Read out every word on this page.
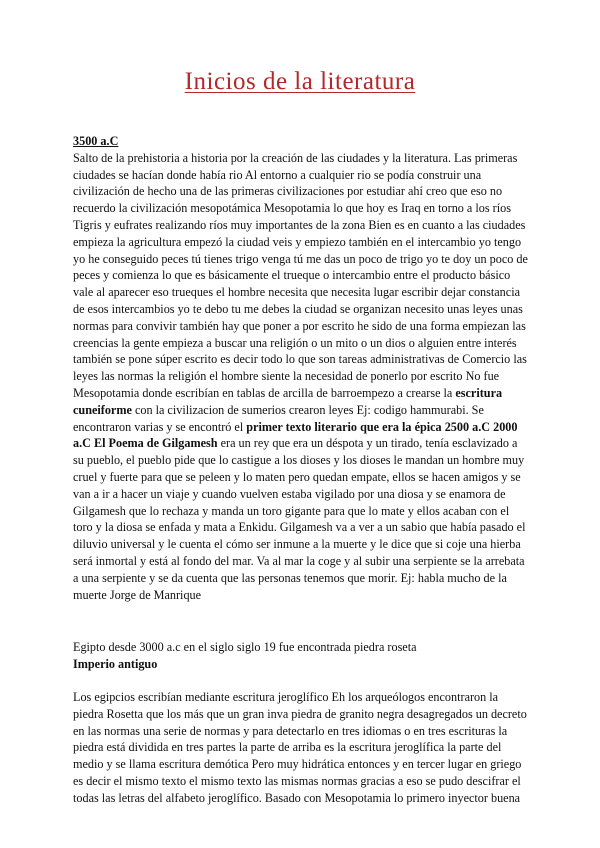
Inicios de la literatura

3500 a.C

Salto de la prehistoria a historia por la creación de las ciudades y la literatura. Las primeras ciudades se hacían donde había rio Al entorno a cualquier rio se podía construir una civilización de hecho una de las primeras civilizaciones por estudiar ahí creo que eso no recuerdo la civilización mesopotámica Mesopotamia lo que hoy es Iraq en torno a los ríos Tigris y eufrates realizando ríos muy importantes de la zona Bien es en cuanto a las ciudades empieza la agricultura empezó la ciudad veis y empiezo también en el intercambio yo tengo yo he conseguido peces tú tienes trigo venga tú me das un poco de trigo yo te doy un poco de peces y comienza lo que es básicamente el trueque o intercambio entre el producto básico vale al aparecer eso trueques el hombre necesita que necesita lugar escribir dejar constancia de esos intercambios yo te debo tu me debes la ciudad se organizan necesito unas leyes unas normas para convivir también hay que poner a por escrito he sido de una forma empiezan las creencias la gente empieza a buscar una religión o un mito o un dios o alguien entre interés también se pone súper escrito es decir todo lo que son tareas administrativas de Comercio las leyes las normas la religión el hombre siente la necesidad de ponerlo por escrito No fue Mesopotamia donde escribían en tablas de arcilla de barroempezo a crearse la escritura cuneiforme con la civilizacion de sumerios crearon leyes Ej: codigo hammurabi. Se encontraron varias y se encontró el primer texto literario que era la épica 2500 a.C 2000 a.C El Poema de Gilgamesh era un rey que era un déspota y un tirado, tenía esclavizado a su pueblo, el pueblo pide que lo castigue a los dioses y los dioses le mandan un hombre muy cruel y fuerte para que se peleen y lo maten pero quedan empate, ellos se hacen amigos y se van a ir a hacer un viaje y cuando vuelven estaba vigilado por una diosa y se enamora de Gilgamesh que lo rechaza y manda un toro gigante para que lo mate y ellos acaban con el toro y la diosa se enfada y mata a Enkidu. Gilgamesh va a ver a un sabio que había pasado el diluvio universal y le cuenta el cómo ser inmune a la muerte y le dice que si coje una hierba será inmortal y está al fondo del mar. Va al mar la coge y al subir una serpiente se la arrebata a una serpiente y se da cuenta que las personas tenemos que morir. Ej: habla mucho de la muerte Jorge de Manrique

Egipto desde 3000 a.c en el siglo siglo 19 fue encontrada piedra roseta

Imperio antiguo

Los egipcios escribían mediante escritura jeroglífico Eh los arqueólogos encontraron la piedra Rosetta que los más que un gran inva piedra de granito negra desagregados un decreto en las normas una serie de normas y para detectarlo en tres idiomas o en tres escrituras la piedra está dividida en tres partes la parte de arriba es la escritura jeroglífica la parte del medio y se llama escritura demótica Pero muy hidrática entonces y en tercer lugar en griego es decir el mismo texto el mismo texto las mismas normas gracias a eso se pudo descifrar el todas las letras del alfabeto jeroglífico. Basado con Mesopotamia lo primero inyector buena
